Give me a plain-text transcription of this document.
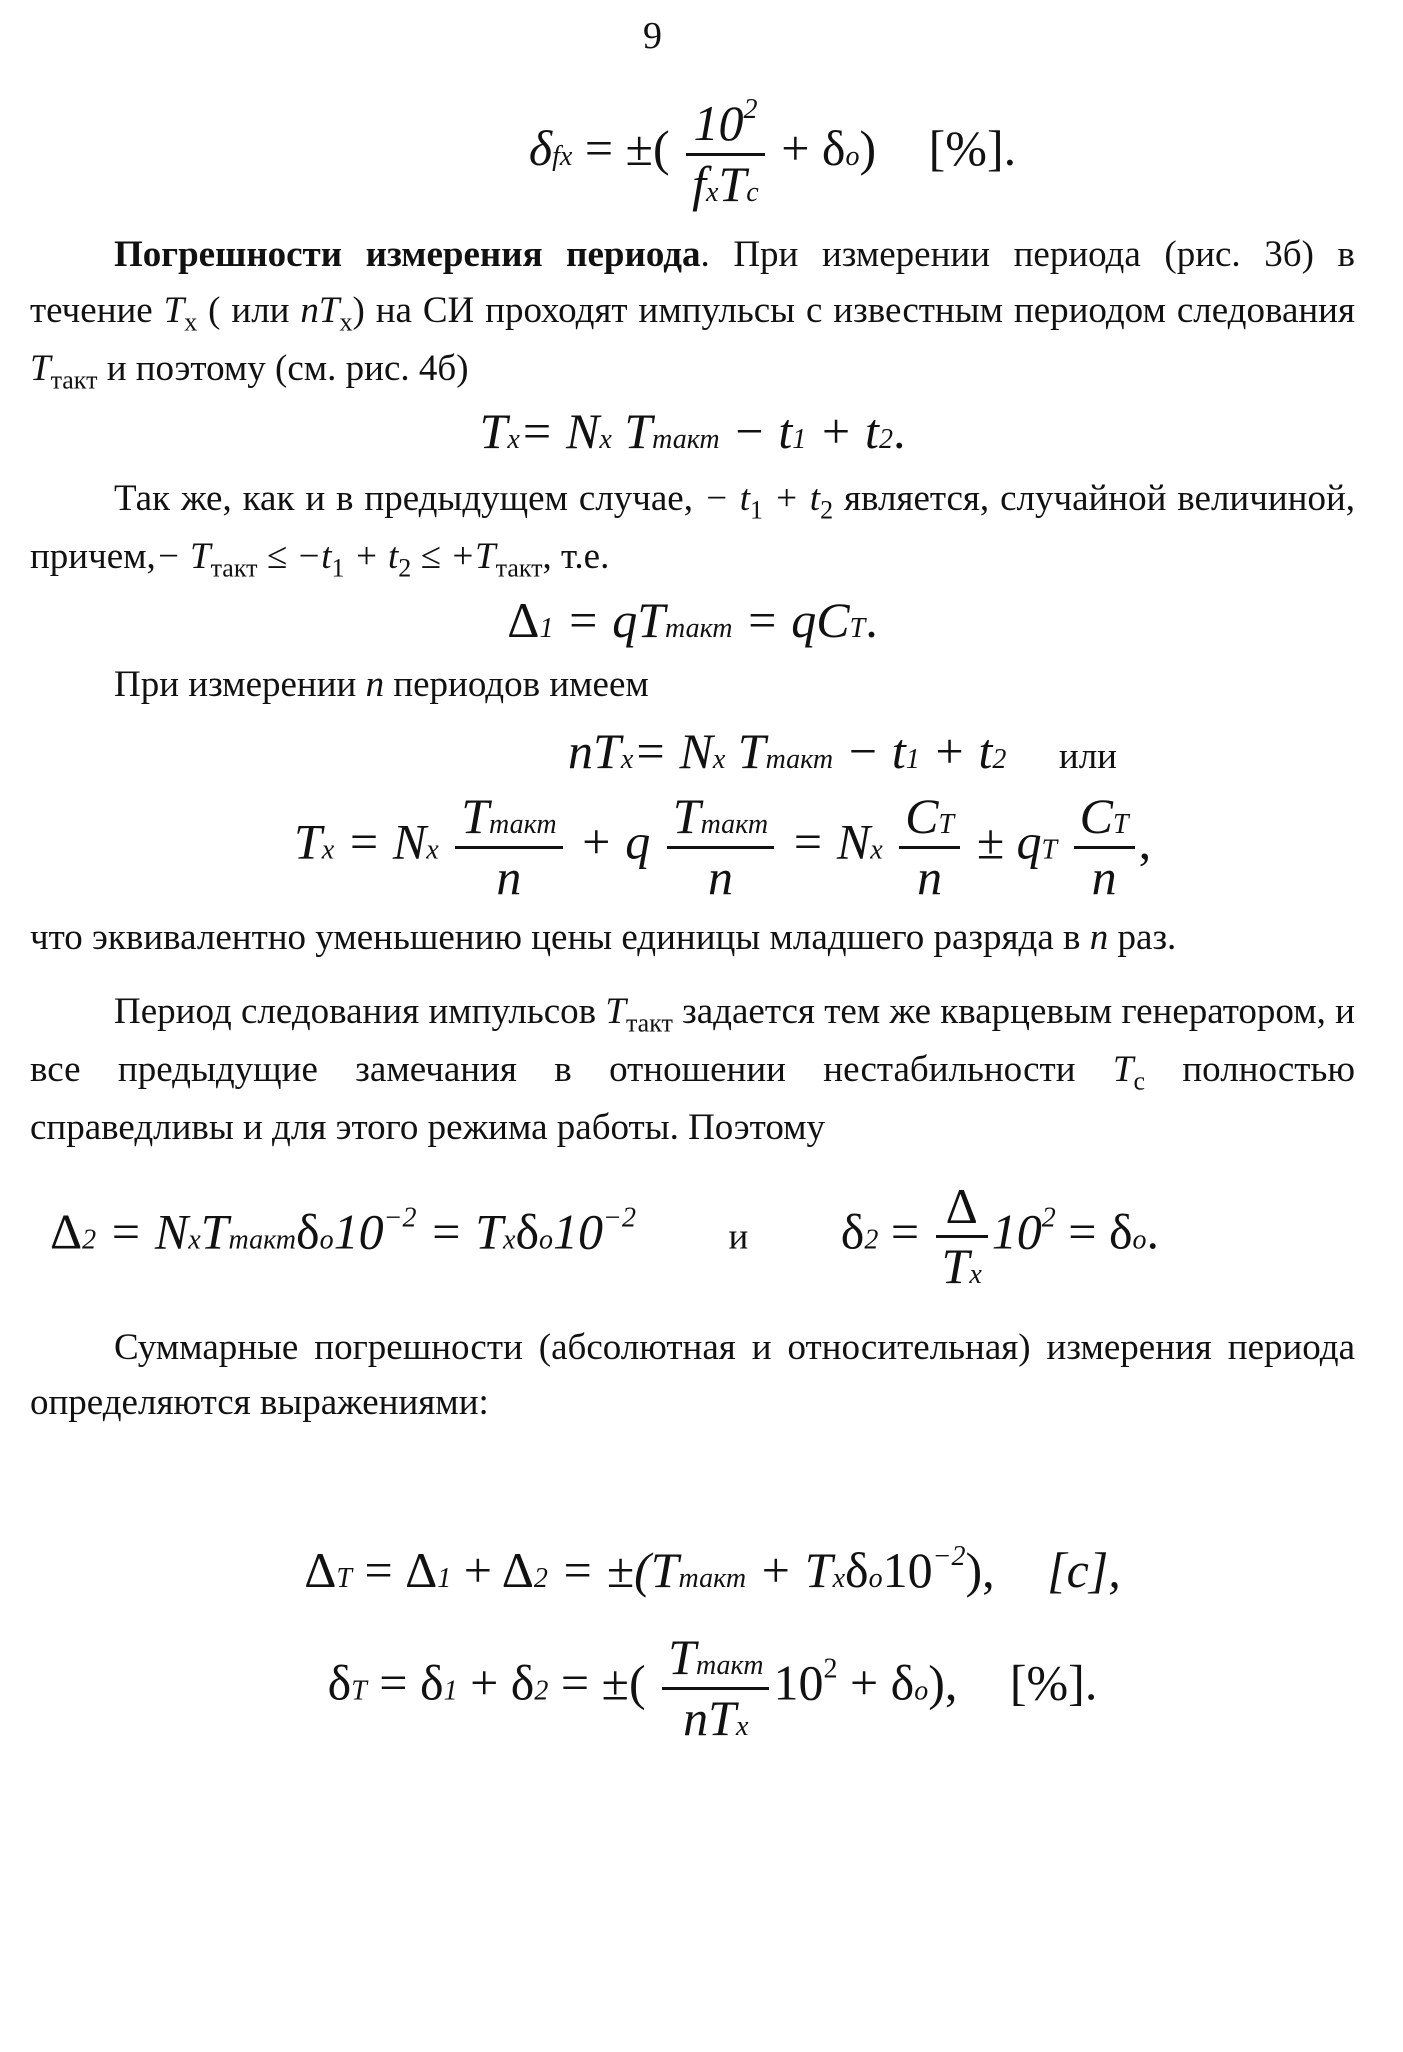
9
δfx = ±( $\frac{10^2}{\text{fxTc}} + \delta o$) [%].

Погрешности измерения периода. При измерении периода (рис. 3б) в течение $T_x$ ( или $nT_x$) на СИ проходят импульсы с известным периодом следования $T_{такт}$ и поэтому (см. рис. 4б)

Tx= Nx Tтакт − t1 + t2.

Так же, как и в предыдущем случае, − $t_1 + t_2$ является, случайной величиной, причем,− $T_{такт} \le -t_1 + t_2 \le +T_{такт}$, т.е.

Δ1 = qTтакт = qCT.

При измерении n периодов имеем

nTx= Nx Tтакт − t1 + t2 или
Tx = Nx $\frac{\text{Tтакт}}{n} + q \frac{\text{Tтакт}}{n} = Nx \frac{CT}{n}$ ± qT $\frac{CT}{n}$ ,

что эквивалентно уменьшению цены единицы младшего разряда в n раз.

Период следования импульсов $T_{такт}$ задается тем же кварцевым генератором, и все предыдущие замечания в отношении нестабильности $T_с$ полностью справедливы и для этого режима работы. Поэтому

$\Delta 2 = NxTтакт\delta o10^{-2} = Tx\delta o10^{-2}$	и $\delta 2 = \frac{\Delta}{Tx} 10^2 = \delta o$.

Суммарные погрешности (абсолютная и относительная) измерения периода определяются выражениями:

ΔT = Δ1 + Δ2 = ±(Tтакт + $Tx\delta o10^{-2}$), [c],
δT = δ1 + δ2 = ±( $\frac{\text{Tтакт}}{\text{nTx}} 10^2 + \delta o$), [%].
